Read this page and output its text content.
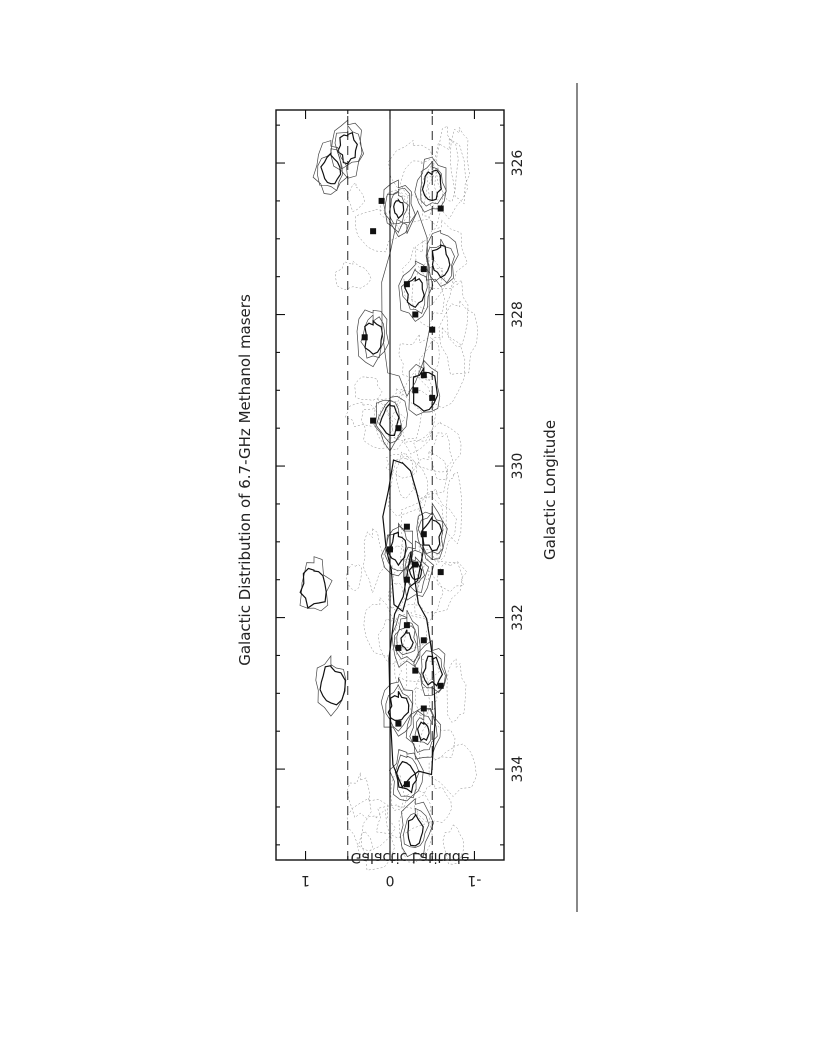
334
332
330
328
326
1	0	-1
Galactic Distribution of 6.7-GHz Methanol masers	Galactic Longitude
Galactic Latitude
